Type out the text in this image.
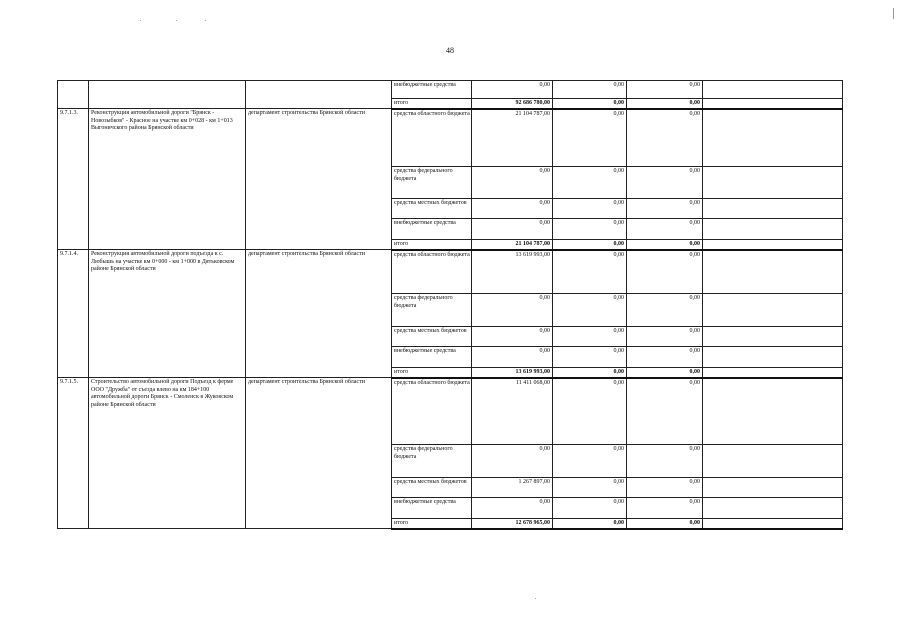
48
			внебюджетные средства	0,00	0,00	0,00	
			итого	92 686 780,00	0,00	0,00	
9.7.1.3.	Реконструкция автомобильной дороги "Брянск - Новозыбков" - Красное на участке км 0+028 - км 1+013 Выгоничского района Брянской области	департамент строительства Брянской области	средства областного бюджета	21 104 787,00	0,00	0,00	
			средства федерального бюджета	0,00	0,00	0,00	
			средства местных бюджетов	0,00	0,00	0,00	
			внебюджетные средства	0,00	0,00	0,00	
			итого	21 104 787,00	0,00	0,00	
9.7.1.4.	Реконструкция автомобильной дороги подъезда к с. Любышь на участке км 0+000 - км 1+000 в Дятьковском районе Брянской области	департамент строительства Брянской области	средства областного бюджета	13 619 993,00	0,00	0,00	
			средства федерального бюджета	0,00	0,00	0,00	
			средства местных бюджетов	0,00	0,00	0,00	
			внебюджетные средства	0,00	0,00	0,00	
			итого	13 619 993,00	0,00	0,00	
9.7.1.5.	Строительство автомобильной дороги Подъезд к ферме ООО "Дружба" от съезда влево на км 184+100 автомобильной дороги Брянск - Смоленск в Жуковском районе Брянской области	департамент строительства Брянской области	средства областного бюджета	11 411 068,00	0,00	0,00	
			средства федерального бюджета	0,00	0,00	0,00	
			средства местных бюджетов	1 267 897,00	0,00	0,00	
			внебюджетные средства	0,00	0,00	0,00	
			итого	12 678 965,00	0,00	0,00	
